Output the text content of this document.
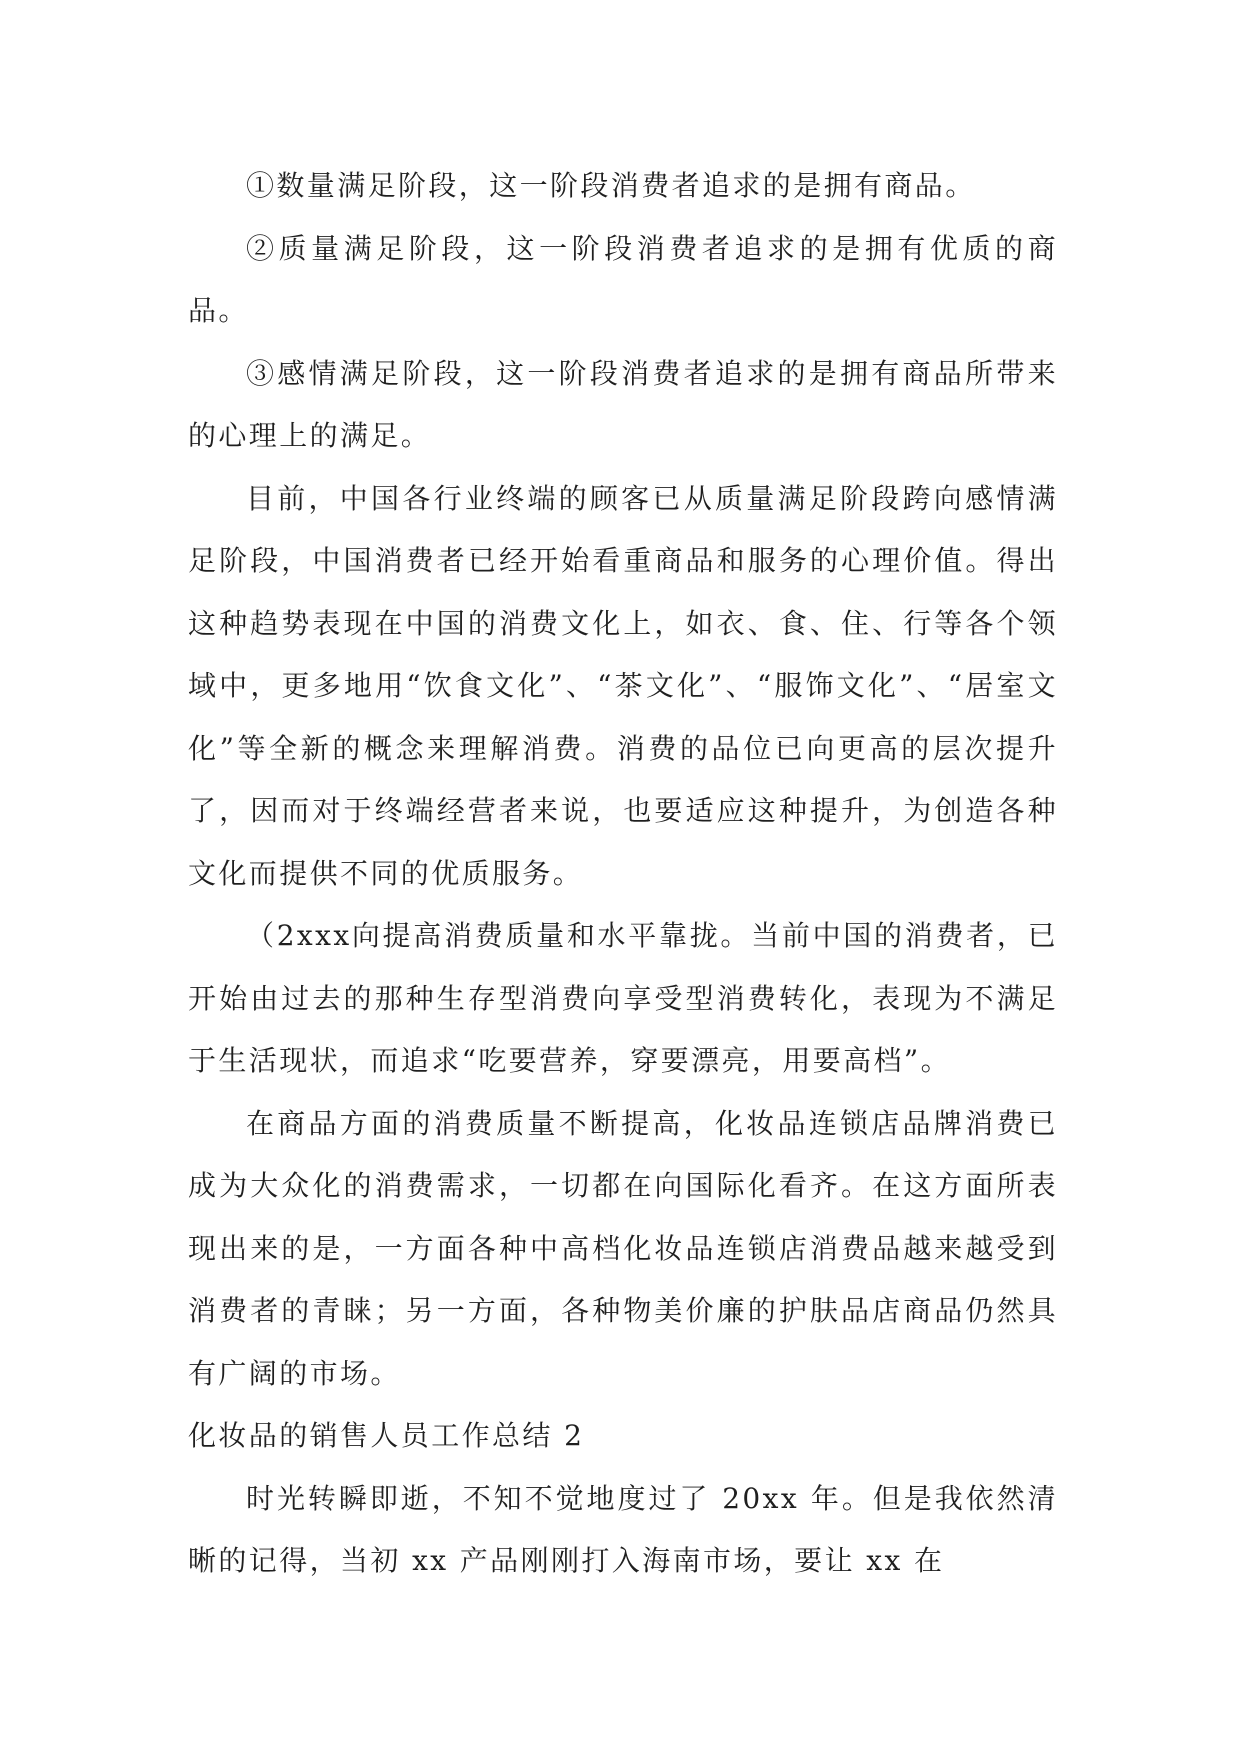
①数量满足阶段，这一阶段消费者追求的是拥有商品。

②质量满足阶段，这一阶段消费者追求的是拥有优质的商品。

③感情满足阶段，这一阶段消费者追求的是拥有商品所带来的心理上的满足。

目前，中国各行业终端的顾客已从质量满足阶段跨向感情满足阶段，中国消费者已经开始看重商品和服务的心理价值。得出这种趋势表现在中国的消费文化上，如衣、食、住、行等各个领域中，更多地用“饮食文化”、“茶文化”、“服饰文化”、“居室文化”等全新的概念来理解消费。消费的品位已向更高的层次提升了，因而对于终端经营者来说，也要适应这种提升，为创造各种文化而提供不同的优质服务。

（2xxx向提高消费质量和水平靠拢。当前中国的消费者，已开始由过去的那种生存型消费向享受型消费转化，表现为不满足于生活现状，而追求“吃要营养，穿要漂亮，用要高档”。

在商品方面的消费质量不断提高，化妆品连锁店品牌消费已成为大众化的消费需求，一切都在向国际化看齐。在这方面所表现出来的是，一方面各种中高档化妆品连锁店消费品越来越受到消费者的青睐；另一方面，各种物美价廉的护肤品店商品仍然具有广阔的市场。

化妆品的销售人员工作总结 2

时光转瞬即逝，不知不觉地度过了 20xx 年。但是我依然清晰的记得，当初 xx 产品刚刚打入海南市场，要让 xx 在
